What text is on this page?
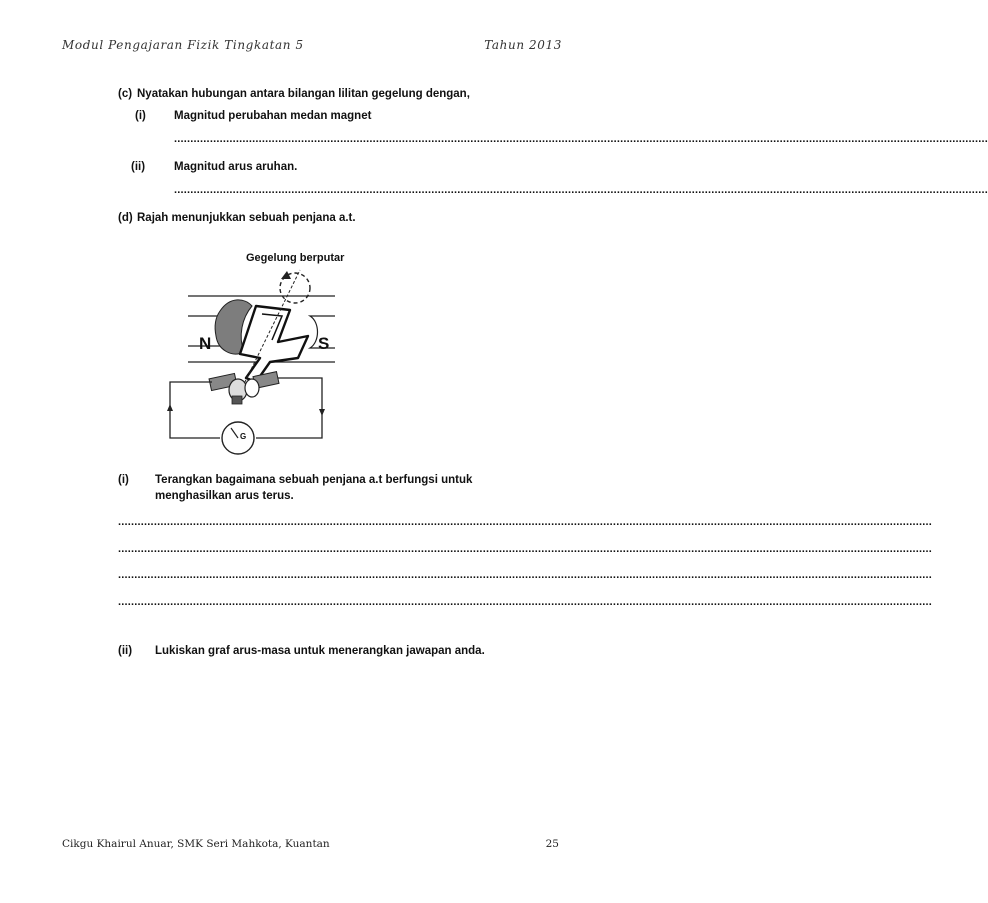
Modul Pengajaran Fizik Tingkatan 5	Tahun 2013
(c) Nyatakan hubungan antara bilangan lilitan gegelung dengan,
(i) Magnitud perubahan medan magnet
..........................................................................................................................................................................................................................................................
(ii)	Magnitud arus aruhan.
..........................................................................................................................................................................................................................................................
(d) Rajah menunjukkan sebuah penjana a.t.
Gegelung berputar
N	S
G
(i) Terangkan bagaimana sebuah penjana a.t berfungsi untuk
menghasilkan arus terus.
..........................................................................................................................................................................................................................................................
..........................................................................................................................................................................................................................................................
..........................................................................................................................................................................................................................................................
..........................................................................................................................................................................................................................................................
(ii) Lukiskan graf arus-masa untuk menerangkan jawapan anda.
Cikgu Khairul Anuar, SMK Seri Mahkota, Kuantan	25
